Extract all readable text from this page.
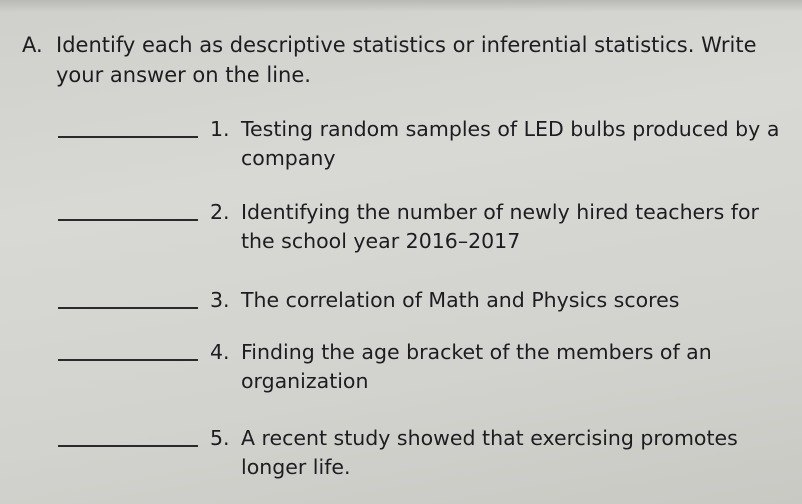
A. Identify each as descriptive statistics or inferential statistics. Write
your answer on the line.
1. Testing random samples of LED bulbs produced by a company
2. Identifying the number of newly hired teachers for the school year 2016–2017
3. The correlation of Math and Physics scores
4. Finding the age bracket of the members of an organization
5. A recent study showed that exercising promotes longer life.
